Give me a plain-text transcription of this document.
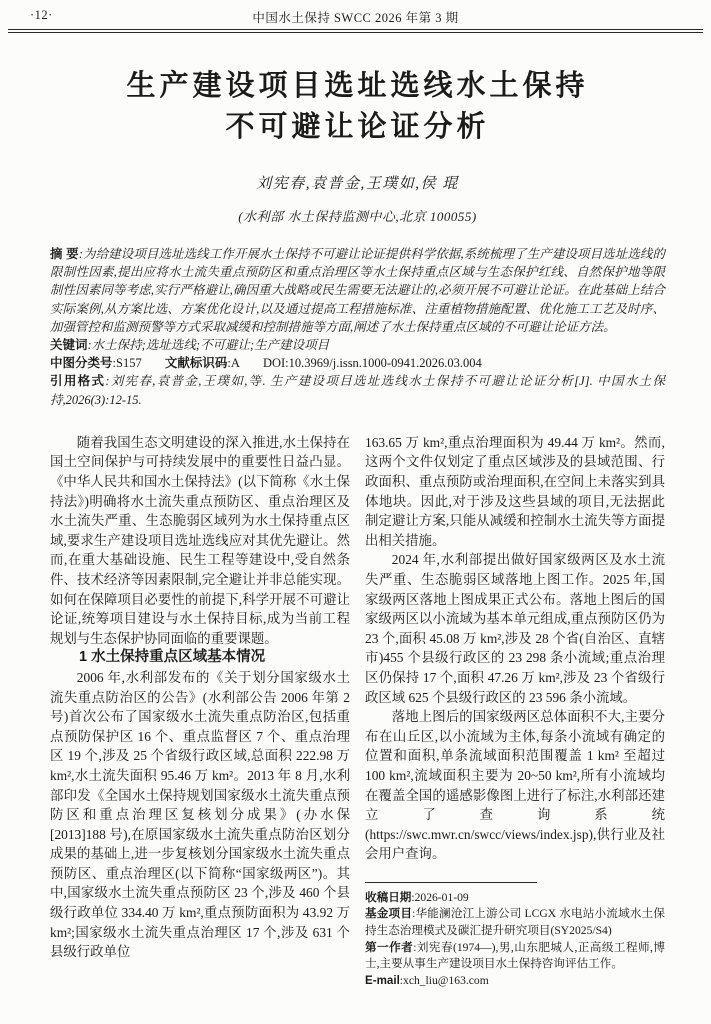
·12·	中国水土保持 SWCC 2026 年第 3 期
生产建设项目选址选线水土保持
不可避让论证分析
刘宪春,袁普金,王璞如,侯 琨
(水利部 水土保持监测中心,北京 100055)

摘 要:为给建设项目选址选线工作开展水土保持不可避让论证提供科学依据,系统梳理了生产建设项目选址选线的限制性因素,提出应将水土流失重点预防区和重点治理区等水土保持重点区域与生态保护红线、自然保护地等限制性因素同等考虑,实行严格避让,确因重大战略或民生需要无法避让的,必须开展不可避让论证。在此基础上结合实际案例,从方案比选、方案优化设计,以及通过提高工程措施标准、注重植物措施配置、优化施工工艺及时序、加强管控和监测预警等方式采取减缓和控制措施等方面,阐述了水土保持重点区域的不可避让论证方法。

关键词:水土保持;选址选线;不可避让;生产建设项目

中图分类号:S157 文献标识码:A DOI:10.3969/j.issn.1000-0941.2026.03.004

引用格式:刘宪春,袁普金,王璞如,等. 生产建设项目选址选线水土保持不可避让论证分析[J]. 中国水土保持,2026(3):12-15.

随着我国生态文明建设的深入推进,水土保持在国土空间保护与可持续发展中的重要性日益凸显。《中华人民共和国水土保持法》(以下简称《水土保持法》)明确将水土流失重点预防区、重点治理区及水土流失严重、生态脆弱区域列为水土保持重点区域,要求生产建设项目选址选线应对其优先避让。然而,在重大基础设施、民生工程等建设中,受自然条件、技术经济等因素限制,完全避让并非总能实现。如何在保障项目必要性的前提下,科学开展不可避让论证,统筹项目建设与水土保持目标,成为当前工程规划与生态保护协同面临的重要课题。

1 水土保持重点区域基本情况

2006 年,水利部发布的《关于划分国家级水土流失重点防治区的公告》(水利部公告 2006 年第 2 号)首次公布了国家级水土流失重点防治区,包括重点预防保护区 16 个、重点监督区 7 个、重点治理区 19 个,涉及 25 个省级行政区域,总面积 222.98 万 km²,水土流失面积 95.46 万 km²。2013 年 8 月,水利部印发《全国水土保持规划国家级水土流失重点预防区和重点治理区复核划分成果》(办水保[2013]188 号),在原国家级水土流失重点防治区划分成果的基础上,进一步复核划分国家级水土流失重点预防区、重点治理区(以下简称“国家级两区”)。其中,国家级水土流失重点预防区 23 个,涉及 460 个县级行政单位 334.40 万 km²,重点预防面积为 43.92 万 km²;国家级水土流失重点治理区 17 个,涉及 631 个县级行政单位

163.65 万 km²,重点治理面积为 49.44 万 km²。然而,这两个文件仅划定了重点区域涉及的县域范围、行政面积、重点预防或治理面积,在空间上未落实到具体地块。因此,对于涉及这些县域的项目,无法据此制定避让方案,只能从减缓和控制水土流失等方面提出相关措施。

2024 年,水利部提出做好国家级两区及水土流失严重、生态脆弱区域落地上图工作。2025 年,国家级两区落地上图成果正式公布。落地上图后的国家级两区以小流域为基本单元组成,重点预防区仍为 23 个,面积 45.08 万 km²,涉及 28 个省(自治区、直辖市)455 个县级行政区的 23 298 条小流域;重点治理区仍保持 17 个,面积 47.26 万 km²,涉及 23 个省级行政区域 625 个县级行政区的 23 596 条小流域。

落地上图后的国家级两区总体面积不大,主要分布在山丘区,以小流域为主体,每条小流域有确定的位置和面积,单条流域面积范围覆盖 1 km² 至超过 100 km²,流域面积主要为 20~50 km²,所有小流域均在覆盖全国的遥感影像图上进行了标注,水利部还建立了查询系统(https://swc.mwr.cn/swcc/views/index.jsp),供行业及社会用户查询。

收稿日期:2026-01-09

基金项目:华能澜沧江上游公司 LCGX 水电站小流域水土保持生态治理模式及碳汇提升研究项目(SY2025/S4)

第一作者:刘宪春(1974—),男,山东肥城人,正高级工程师,博士,主要从事生产建设项目水土保持咨询评估工作。

E-mail:xch_liu@163.com
